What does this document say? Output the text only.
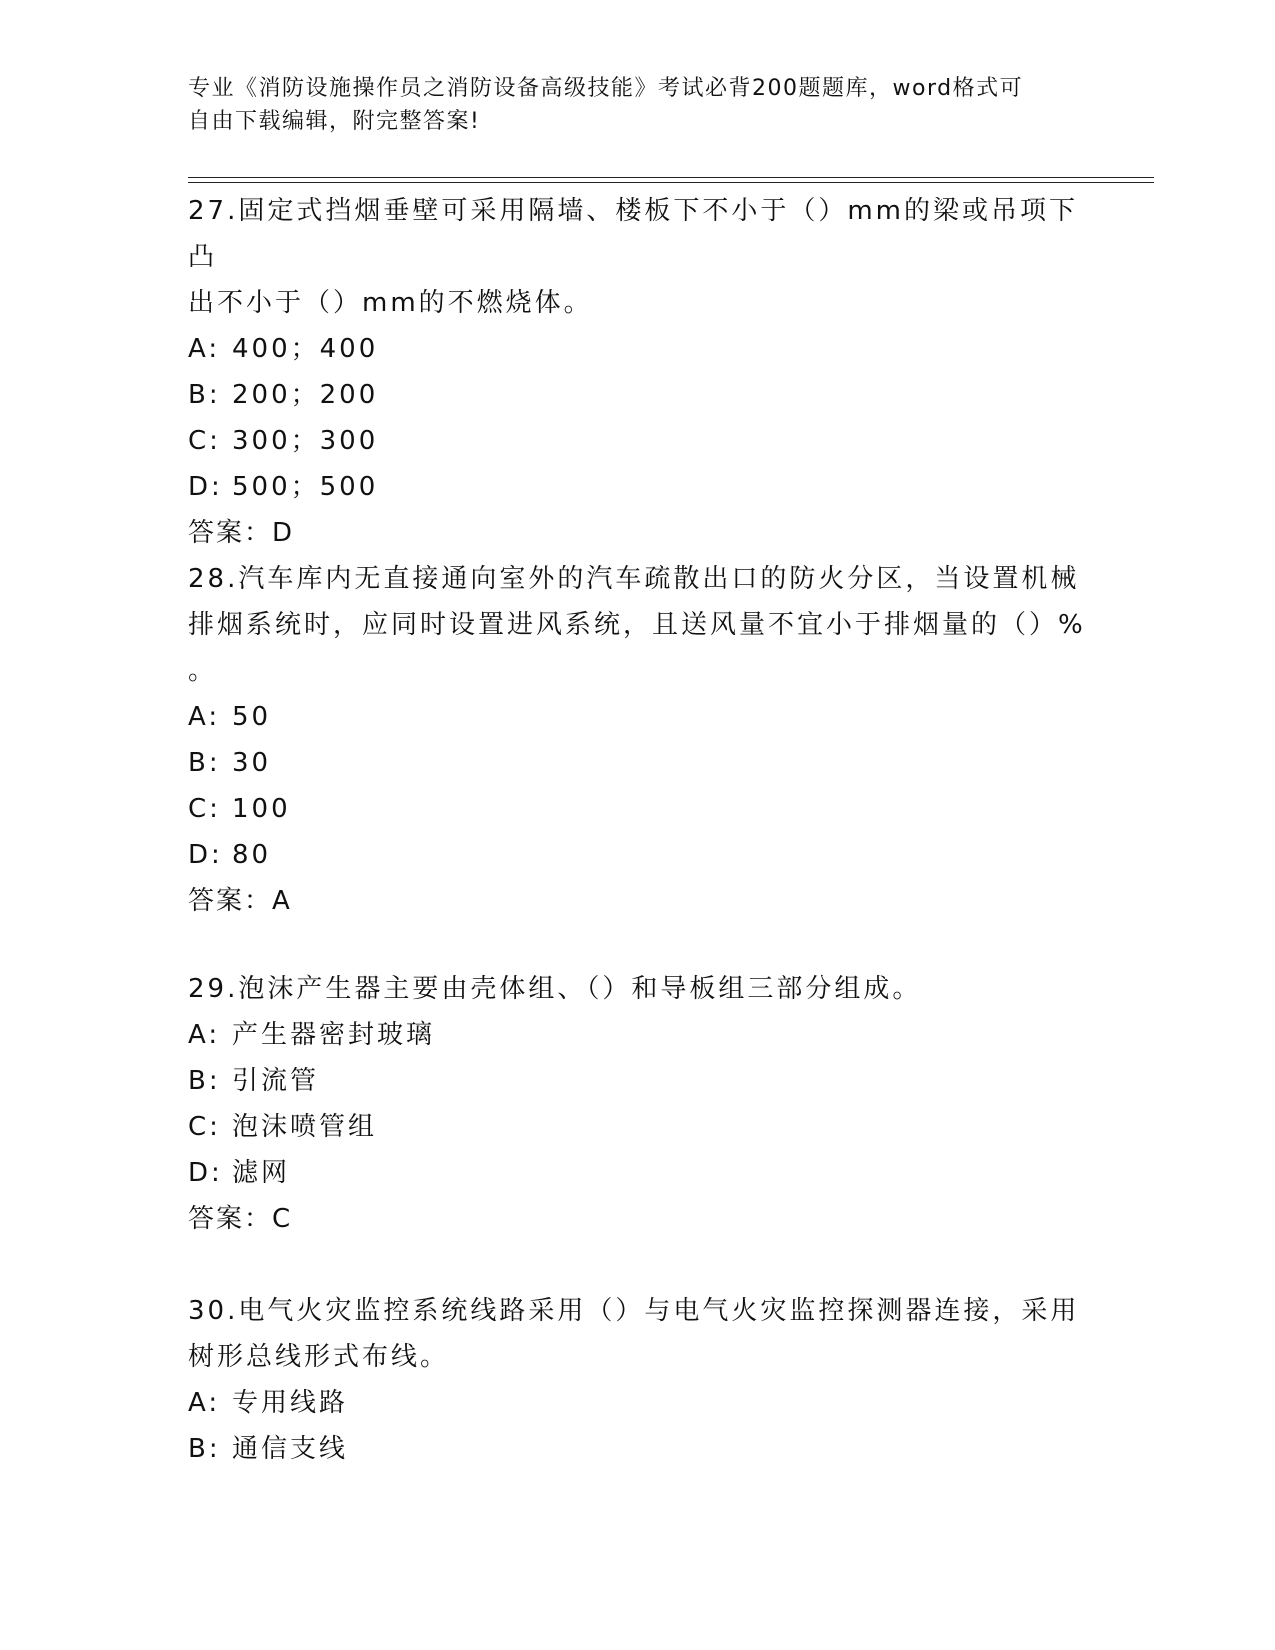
专业《消防设施操作员之消防设备高级技能》考试必背200题题库，word格式可
自由下载编辑，附完整答案!

27.固定式挡烟垂壁可采用隔墙、楼板下不小于（）mm的梁或吊项下凸
出不小于（）mm的不燃烧体。

A: 400；400
B: 200；200
C: 300；300
D: 500；500
答案：D

28.汽车库内无直接通向室外的汽车疏散出口的防火分区，当设置机械
排烟系统时，应同时设置进风系统，且送风量不宜小于排烟量的（）%
。

A: 50
B: 30
C: 100
D: 80
答案：A

29.泡沫产生器主要由壳体组、（）和导板组三部分组成。

A: 产生器密封玻璃
B: 引流管
C: 泡沫喷管组
D: 滤网
答案：C

30.电气火灾监控系统线路采用（）与电气火灾监控探测器连接，采用
树形总线形式布线。

A: 专用线路
B: 通信支线
